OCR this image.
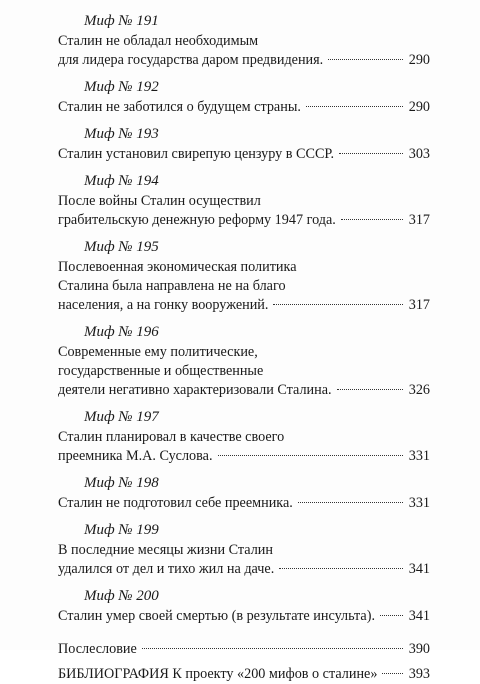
Миф № 191
Сталин не обладал необходимым
для лидера государства даром предвидения.	290
Миф № 192
Сталин не заботился о будущем страны.	290
Миф № 193
Сталин установил свирепую цензуру в СССР.	303
Миф № 194
После войны Сталин осуществил
грабительскую денежную реформу 1947 года.	317
Миф № 195
Послевоенная экономическая политика
Сталина была направлена не на благо
населения, а на гонку вооружений.	317
Миф № 196
Современные ему политические,
государственные и общественные
деятели негативно характеризовали Сталина.	326
Миф № 197
Сталин планировал в качестве своего
преемника М.А. Суслова.	331
Миф № 198
Сталин не подготовил себе преемника.	331
Миф № 199
В последние месяцы жизни Сталин
удалился от дел и тихо жил на даче.	341
Миф № 200
Сталин умер своей смертью (в результате инсульта). 341
Послесловие	390
БИБЛИОГРАФИЯ К проекту «200 мифов о сталине» 393
